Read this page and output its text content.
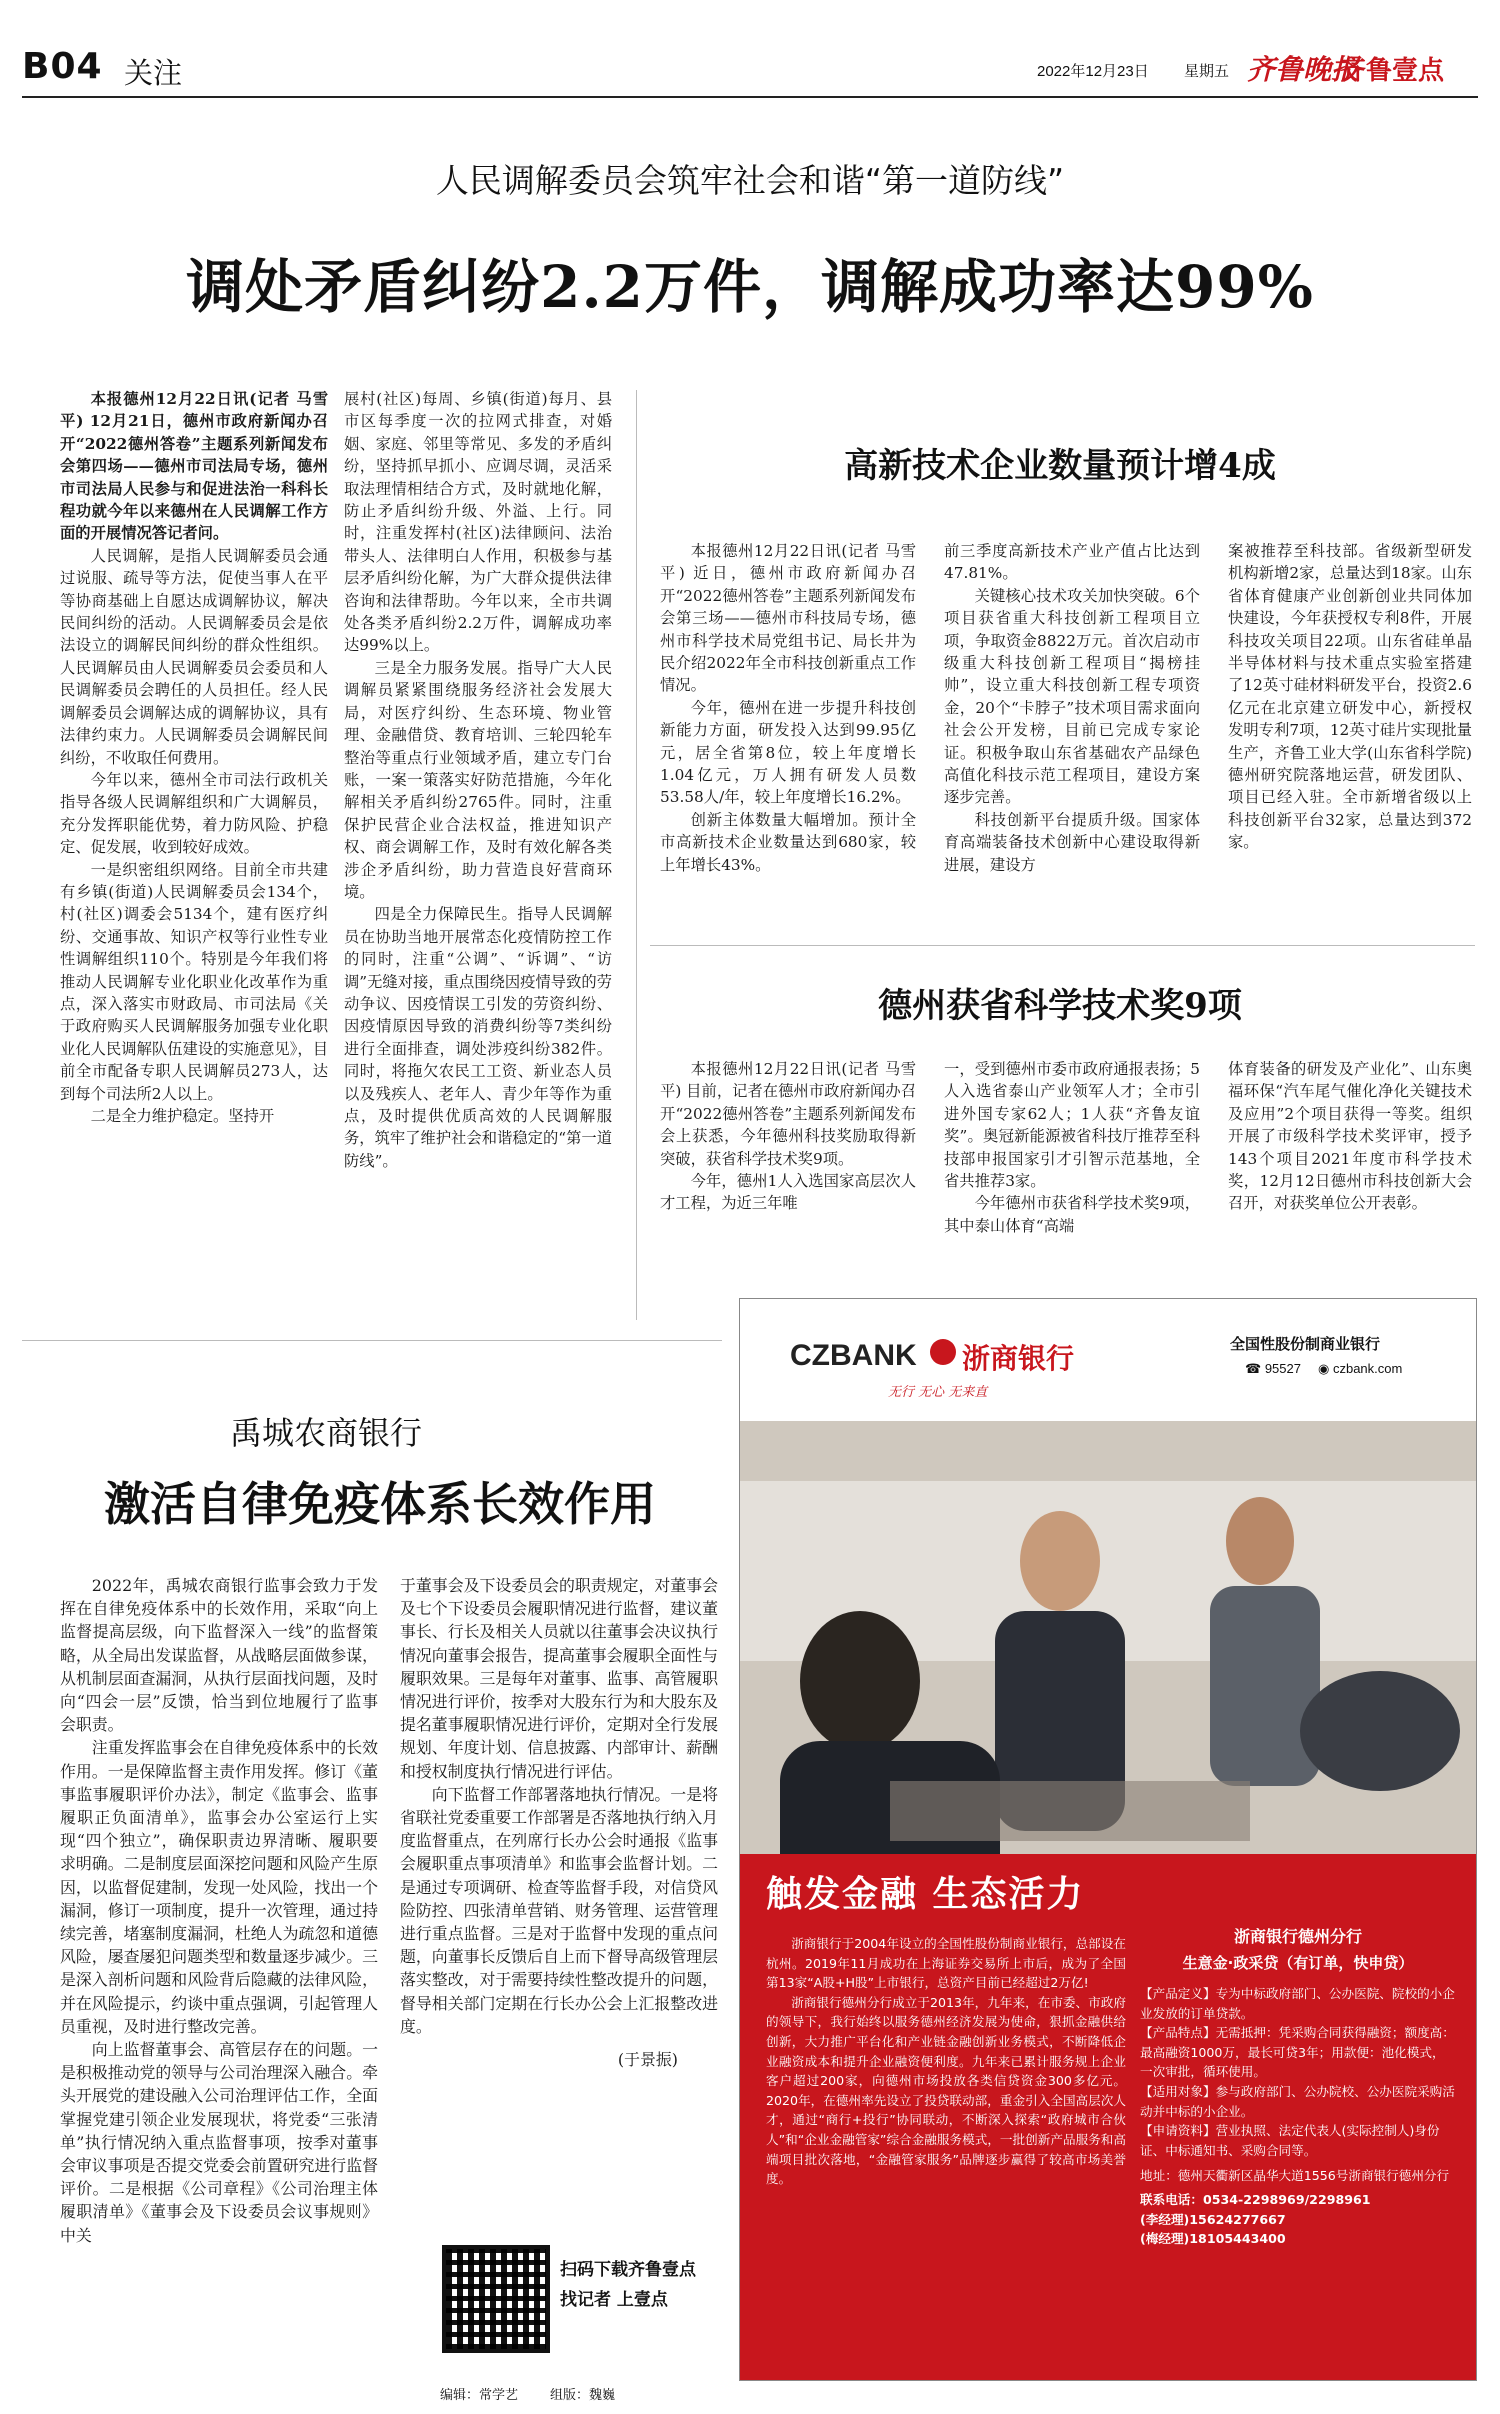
B04 关注	2022年12月23日 星期五 齐鲁晚报
齐鲁壹点
人民调解委员会筑牢社会和谐“第一道防线”
调处矛盾纠纷2.2万件，调解成功率达99%

本报德州12月22日讯(记者 马雪平) 12月21日，德州市政府新闻办召开“2022德州答卷”主题系列新闻发布会第四场——德州市司法局专场，德州市司法局人民参与和促进法治一科科长程功就今年以来德州在人民调解工作方面的开展情况答记者问。

人民调解，是指人民调解委员会通过说服、疏导等方法，促使当事人在平等协商基础上自愿达成调解协议，解决民间纠纷的活动。人民调解委员会是依法设立的调解民间纠纷的群众性组织。人民调解员由人民调解委员会委员和人民调解委员会聘任的人员担任。经人民调解委员会调解达成的调解协议，具有法律约束力。人民调解委员会调解民间纠纷，不收取任何费用。

今年以来，德州全市司法行政机关指导各级人民调解组织和广大调解员，充分发挥职能优势，着力防风险、护稳定、促发展，收到较好成效。

一是织密组织网络。目前全市共建有乡镇(街道)人民调解委员会134个，村(社区)调委会5134个，建有医疗纠纷、交通事故、知识产权等行业性专业性调解组织110个。特别是今年我们将推动人民调解专业化职业化改革作为重点，深入落实市财政局、市司法局《关于政府购买人民调解服务加强专业化职业化人民调解队伍建设的实施意见》，目前全市配备专职人民调解员273人，达到每个司法所2人以上。

二是全力维护稳定。坚持开

展村(社区)每周、乡镇(街道)每月、县市区每季度一次的拉网式排查，对婚姻、家庭、邻里等常见、多发的矛盾纠纷，坚持抓早抓小、应调尽调，灵活采取法理情相结合方式，及时就地化解，防止矛盾纠纷升级、外溢、上行。同时，注重发挥村(社区)法律顾问、法治带头人、法律明白人作用，积极参与基层矛盾纠纷化解，为广大群众提供法律咨询和法律帮助。今年以来，全市共调处各类矛盾纠纷2.2万件，调解成功率达99%以上。

三是全力服务发展。指导广大人民调解员紧紧围绕服务经济社会发展大局，对医疗纠纷、生态环境、物业管理、金融借贷、教育培训、三轮四轮车整治等重点行业领域矛盾，建立专门台账，一案一策落实好防范措施，今年化解相关矛盾纠纷2765件。同时，注重保护民营企业合法权益，推进知识产权、商会调解工作，及时有效化解各类涉企矛盾纠纷，助力营造良好营商环境。

四是全力保障民生。指导人民调解员在协助当地开展常态化疫情防控工作的同时，注重“公调”、“诉调”、“访调”无缝对接，重点围绕因疫情导致的劳动争议、因疫情误工引发的劳资纠纷、因疫情原因导致的消费纠纷等7类纠纷进行全面排查，调处涉疫纠纷382件。同时，将拖欠农民工工资、新业态人员以及残疾人、老年人、青少年等作为重点，及时提供优质高效的人民调解服务，筑牢了维护社会和谐稳定的“第一道防线”。

高新技术企业数量预计增4成

本报德州12月22日讯(记者 马雪平) 近日，德州市政府新闻办召开“2022德州答卷”主题系列新闻发布会第三场——德州市科技局专场，德州市科学技术局党组书记、局长井为民介绍2022年全市科技创新重点工作情况。

今年，德州在进一步提升科技创新能力方面，研发投入达到99.95亿元，居全省第8位，较上年度增长1.04亿元，万人拥有研发人员数53.58人/年，较上年度增长16.2%。

创新主体数量大幅增加。预计全市高新技术企业数量达到680家，较上年增长43%。

前三季度高新技术产业产值占比达到47.81%。

关键核心技术攻关加快突破。6个项目获省重大科技创新工程项目立项，争取资金8822万元。首次启动市级重大科技创新工程项目“揭榜挂帅”，设立重大科技创新工程专项资金，20个“卡脖子”技术项目需求面向社会公开发榜，目前已完成专家论证。积极争取山东省基础农产品绿色高值化科技示范工程项目，建设方案逐步完善。

科技创新平台提质升级。国家体育高端装备技术创新中心建设取得新进展，建设方

案被推荐至科技部。省级新型研发机构新增2家，总量达到18家。山东省体育健康产业创新创业共同体加快建设，今年获授权专利8件，开展科技攻关项目22项。山东省硅单晶半导体材料与技术重点实验室搭建了12英寸硅材料研发平台，投资2.6亿元在北京建立研发中心，新授权发明专利7项，12英寸硅片实现批量生产，齐鲁工业大学(山东省科学院)德州研究院落地运营，研发团队、项目已经入驻。全市新增省级以上科技创新平台32家，总量达到372家。

德州获省科学技术奖9项

本报德州12月22日讯(记者 马雪平) 目前，记者在德州市政府新闻办召开“2022德州答卷”主题系列新闻发布会上获悉，今年德州科技奖励取得新突破，获省科学技术奖9项。

今年，德州1人入选国家高层次人才工程，为近三年唯

一，受到德州市委市政府通报表扬；5人入选省泰山产业领军人才；全市引进外国专家62人；1人获“齐鲁友谊奖”。奥冠新能源被省科技厅推荐至科技部申报国家引才引智示范基地，全省共推荐3家。

今年德州市获省科学技术奖9项，其中泰山体育“高端

体育装备的研发及产业化”、山东奥福环保“汽车尾气催化净化关键技术及应用”2个项目获得一等奖。组织开展了市级科学技术奖评审，授予143个项目2021年度市科学技术奖，12月12日德州市科技创新大会召开，对获奖单位公开表彰。

禹城农商银行
激活自律免疫体系长效作用

2022年，禹城农商银行监事会致力于发挥在自律免疫体系中的长效作用，采取“向上监督提高层级，向下监督深入一线”的监督策略，从全局出发谋监督，从战略层面做参谋，从机制层面查漏洞，从执行层面找问题，及时向“四会一层”反馈，恰当到位地履行了监事会职责。

注重发挥监事会在自律免疫体系中的长效作用。一是保障监督主责作用发挥。修订《董事监事履职评价办法》，制定《监事会、监事履职正负面清单》，监事会办公室运行上实现“四个独立”，确保职责边界清晰、履职要求明确。二是制度层面深挖问题和风险产生原因，以监督促建制，发现一处风险，找出一个漏洞，修订一项制度，提升一次管理，通过持续完善，堵塞制度漏洞，杜绝人为疏忽和道德风险，屡查屡犯问题类型和数量逐步减少。三是深入剖析问题和风险背后隐藏的法律风险，并在风险提示，约谈中重点强调，引起管理人员重视，及时进行整改完善。

向上监督董事会、高管层存在的问题。一是积极推动党的领导与公司治理深入融合。牵头开展党的建设融入公司治理评估工作，全面掌握党建引领企业发展现状，将党委“三张清单”执行情况纳入重点监督事项，按季对董事会审议事项是否提交党委会前置研究进行监督评价。二是根据《公司章程》《公司治理主体履职清单》《董事会及下设委员会议事规则》中关

于董事会及下设委员会的职责规定，对董事会及七个下设委员会履职情况进行监督，建议董事长、行长及相关人员就以往董事会决议执行情况向董事会报告，提高董事会履职全面性与履职效果。三是每年对董事、监事、高管履职情况进行评价，按季对大股东行为和大股东及提名董事履职情况进行评价，定期对全行发展规划、年度计划、信息披露、内部审计、薪酬和授权制度执行情况进行评估。

向下监督工作部署落地执行情况。一是将省联社党委重要工作部署是否落地执行纳入月度监督重点，在列席行长办公会时通报《监事会履职重点事项清单》和监事会监督计划。二是通过专项调研、检查等监督手段，对信贷风险防控、四张清单营销、财务管理、运营管理进行重点监督。三是对于监督中发现的重点问题，向董事长反馈后自上而下督导高级管理层落实整改，对于需要持续性整改提升的问题，督导相关部门定期在行长办公会上汇报整改进度。

(于景振)

扫码下载齐鲁壹点
找记者 上壹点
编辑：常学艺 组版：魏巍
CZBANK 浙商银行
无行 无心 无来直
全国性股份制商业银行
☎ 95527 ◉ czbank.com
触发金融 生态活力

浙商银行于2004年设立的全国性股份制商业银行，总部设在杭州。2019年11月成功在上海证券交易所上市后，成为了全国第13家“A股+H股”上市银行，总资产目前已经超过2万亿!

浙商银行德州分行成立于2013年，九年来，在市委、市政府的领导下，我行始终以服务德州经济发展为使命，狠抓金融供给创新，大力推广平台化和产业链金融创新业务模式，不断降低企业融资成本和提升企业融资便利度。九年来已累计服务规上企业客户超过200家，向德州市场投放各类信贷资金300多亿元。2020年，在德州率先设立了投贷联动部，重金引入全国高层次人才，通过“商行+投行”协同联动，不断深入探索“政府城市合伙人”和“企业金融管家”综合金融服务模式，一批创新产品服务和高端项目批次落地，“金融管家服务”品牌逐步赢得了较高市场美誉度。

浙商银行德州分行
生意金·政采贷（有订单，快申贷）
【产品定义】专为中标政府部门、公办医院、院校的小企业发放的订单贷款。
【产品特点】无需抵押：凭采购合同获得融资；额度高：最高融资1000万，最长可贷3年；用款便：池化模式，一次审批，循环使用。
【适用对象】参与政府部门、公办院校、公办医院采购活动并中标的小企业。
【申请资料】营业执照、法定代表人(实际控制人)身份证、中标通知书、采购合同等。
地址：德州天衢新区晶华大道1556号浙商银行德州分行
联系电话：0534-2298969/2298961
(李经理)15624277667
(梅经理)18105443400
